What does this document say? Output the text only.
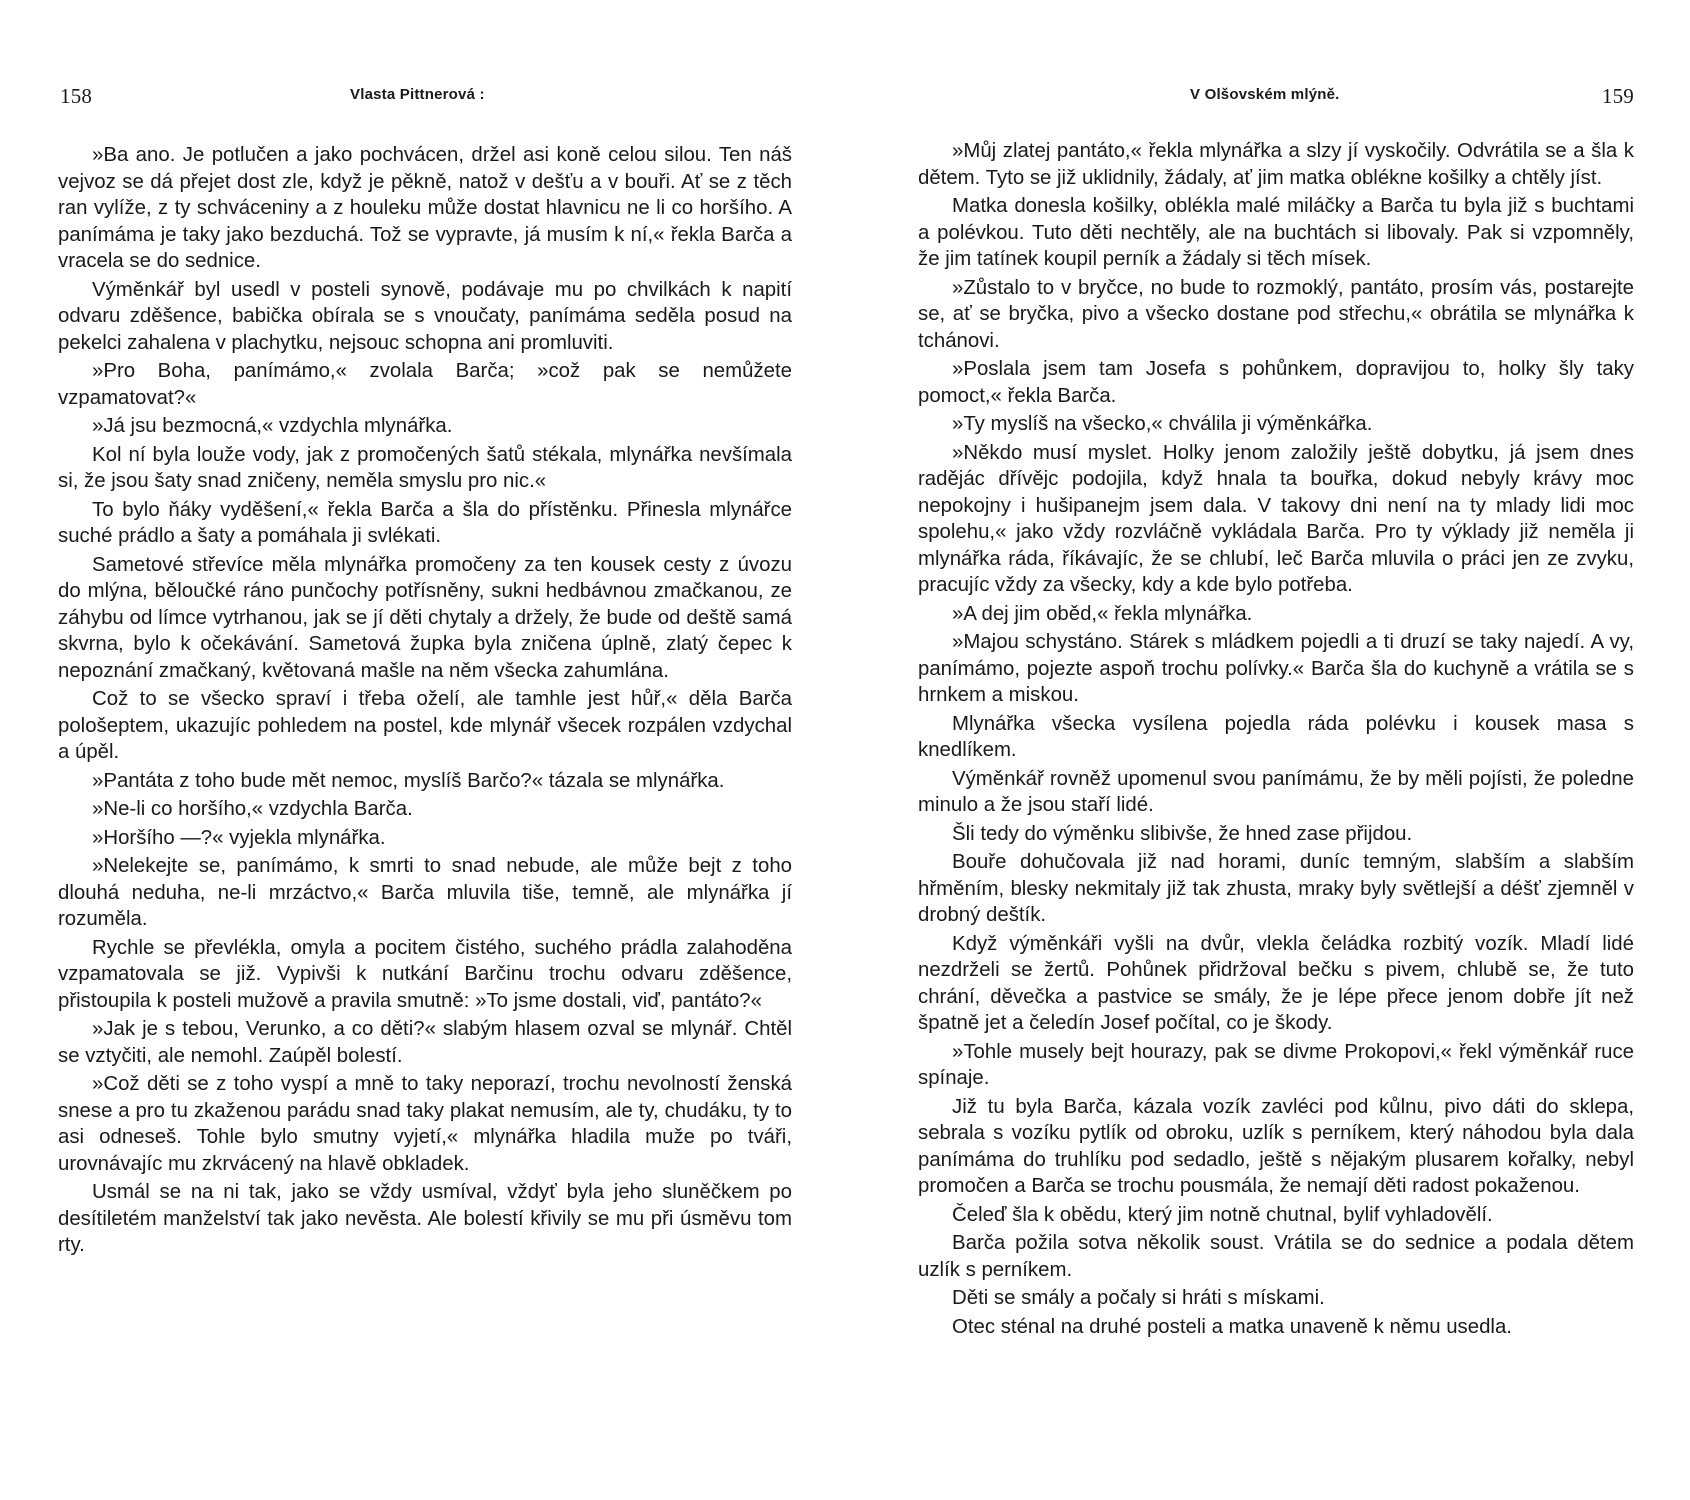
158	Vlasta Pittnerová :

»Ba ano. Je potlučen a jako pochvácen, držel asi koně celou silou. Ten náš vejvoz se dá přejet dost zle, když je pěkně, natož v dešťu a v bouři. Ať se z těch ran vylíže, z ty schváceniny a z houleku může dostat hlavnicu ne li co horšího. A panímáma je taky jako bezduchá. Tož se vypravte, já musím k ní,« řekla Barča a vracela se do sednice.

Výměnkář byl usedl v posteli synově, podávaje mu po chvilkách k napití odvaru zděšence, babička obírala se s vnoučaty, panímáma seděla posud na pekelci zahalena v plachytku, nejsouc schopna ani promluviti.

»Pro Boha, panímámo,« zvolala Barča; »což pak se nemůžete vzpamatovat?«

»Já jsu bezmocná,« vzdychla mlynářka.

Kol ní byla louže vody, jak z promočených šatů stékala, mlynářka nevšímala si, že jsou šaty snad zničeny, neměla smyslu pro nic.«

To bylo ňáky vyděšení,« řekla Barča a šla do přístěnku. Přinesla mlynářce suché prádlo a šaty a pomáhala ji svlékati.

Sametové střevíce měla mlynářka promočeny za ten kousek cesty z úvozu do mlýna, bělоučké ráno punčochy potřísněny, sukni hedbávnou zmačkanou, ze záhybu od límce vytrhanou, jak se jí děti chytaly a držely, že bude od deště samá skvrna, bylo k očekávání. Sametová župka byla zničena úplně, zlatý čepec k nepoznání zmačkaný, květovaná mašle na něm všecka zahumlána.

Což to se všecko spraví i třeba oželí, ale tamhle jest hůř,« děla Barča pološeptem, ukazujíc pohledem na postel, kde mlynář všecek rozpálen vzdychal a úpěl.

»Pantáta z toho bude mět nemoc, myslíš Barčo?« tázala se mlynářka.

»Ne-li co horšího,« vzdychla Barča.

»Horšího —?« vyjekla mlynářka.

»Nelekejte se, panímámo, k smrti to snad nebude, ale může bejt z toho dlouhá neduha, ne-li mrzáctvo,« Barča mluvila tiše, temně, ale mlynářka jí rozuměla.

Rychle se převlékla, omyla a pocitem čistého, suchého prádla zalahoděna vzpamatovala se již. Vypivši k nutkání Barčinu trochu odvaru zděšence, přistoupila k posteli mužově a pravila smutně: »To jsme dostali, viď, pantáto?«

»Jak je s tebou, Verunko, a co děti?« slabým hlasem ozval se mlynář. Chtěl se vztyčiti, ale nemohl. Zaúpěl bolestí.

»Což děti se z toho vyspí a mně to taky neporazí, trochu nevolností ženská snese a pro tu zkaženou parádu snad taky plakat nemusím, ale ty, chudáku, ty to asi odneseš. Tohle bylo smutny vyjetí,« mlynářka hladila muže po tváři, urovnávajíc mu zkrvácený na hlavě obkladek.

Usmál se na ni tak, jako se vždy usmíval, vždyť byla jeho sluněčkem po desítiletém manželství tak jako nevěsta. Ale bolestí křivily se mu při úsměvu tom rty.

V Olšovském mlýně.	159

»Můj zlatej pantáto,« řekla mlynářka a slzy jí vyskočily. Odvrátila se a šla k dětem. Tyto se již uklidnily, žádaly, ať jim matka oblékne košilky a chtěly jíst.

Matka donesla košilky, oblékla malé miláčky a Barča tu byla již s buchtami a polévkou. Tuto děti nechtěly, ale na buchtách si libovaly. Pak si vzpomněly, že jim tatínek koupil perník a žádaly si těch mísek.

»Zůstalo to v bryčce, no bude to rozmoklý, pantáto, prosím vás, postarejte se, ať se bryčka, pivo a všecko dostane pod střechu,« obrátila se mlynářka k tchánovi.

»Poslala jsem tam Josefa s pohůnkem, dopravijou to, holky šly taky pomoct,« řekla Barča.

»Ty myslíš na všecko,« chválila ji výměnkářka.

»Někdo musí myslet. Holky jenom založily ještě dobytku, já jsem dnes radějác dřívějc podojila, když hnala ta bouřka, dokud nebyly krávy moc nepokojny i hušipanejm jsem dala. V takovy dni není na ty mlady lidi moc spolehu,« jako vždy rozvláčně vykládala Barča. Pro ty výklady již neměla ji mlynářka ráda, říkávajíc, že se chlubí, leč Barča mluvila o práci jen ze zvyku, pracujíc vždy za všecky, kdy a kde bylo potřeba.

»A dej jim oběd,« řekla mlynářka.

»Majou schystáno. Stárek s mládkem pojedli a ti druzí se taky najedí. A vy, panímámo, pojezte aspoň trochu polívky.« Barča šla do kuchyně a vrátila se s hrnkem a miskou.

Mlynářka všecka vysílena pojedla ráda polévku i kousek masa s knedlíkem.

Výměnkář rovněž upomenul svou panímámu, že by měli pojísti, že poledne minulo a že jsou staří lidé.

Šli tedy do výměnku slibivše, že hned zase přijdou.

Bouře dohučovala již nad horami, duníc temným, slabším a slabším hřměním, blesky nekmitaly již tak zhusta, mraky byly světlejší a déšť zjemněl v drobný deštík.

Když výměnkáři vyšli na dvůr, vlekla čeládka rozbitý vozík. Mladí lidé nezdrželi se žertů. Pohůnek přidržoval bečku s pivem, chlubě se, že tuto chrání, děvečka a pastvice se smály, že je lépe přece jenom dobře jít než špatně jet a čeledín Josef počítal, co je škody.

»Tohle musely bejt hourazy, pak se divme Prokopovi,« řekl výměnkář ruce spínaje.

Již tu byla Barča, kázala vozík zavléci pod kůlnu, pivo dáti do sklepa, sebrala s vozíku pytlík od obroku, uzlík s perníkem, který náhodou byla dala panímáma do truhlíku pod sedadlo, ještě s nějakým plusarem kořalky, nebyl promočen a Barča se trochu pousmála, že nemají děti radost pokaženou.

Čeleď šla k obědu, který jim notně chutnal, bylif vyhladovělí.

Barča požila sotva několik soust. Vrátila se do sednice a podala dětem uzlík s perníkem.

Děti se smály a počaly si hráti s mískami.

Otec sténal na druhé posteli a matka unaveně k němu usedla.
